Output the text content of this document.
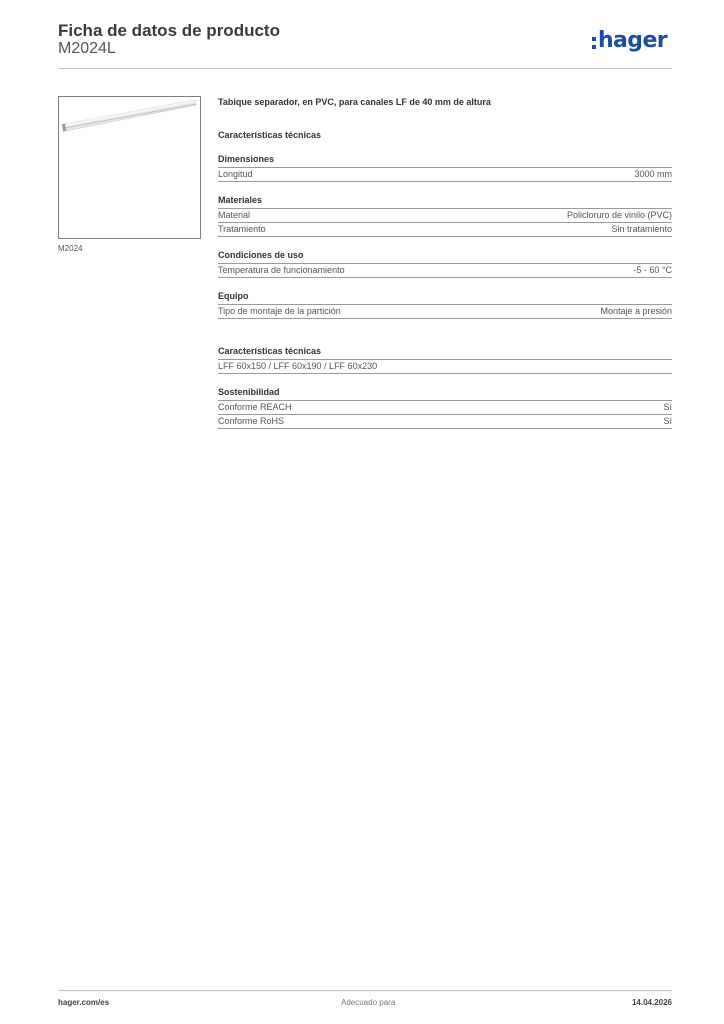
Ficha de datos de producto
M2024L	hager
M2024
Tabique separador, en PVC, para canales LF de 40 mm de altura
Características técnicas
Dimensiones
Longitud	3000 mm
Materiales
Material	Policloruro de vinilo (PVC)
Tratamiento	Sin tratamiento
Condiciones de uso
Temperatura de funcionamiento	-5 - 60 °C
Equipo
Tipo de montaje de la partición	Montaje a presión
Características técnicas
LFF 60x150 / LFF 60x190 / LFF 60x230
Sostenibilidad
Conforme REACH	Sí
Conforme RoHS	Sí
hager.com/es	Adecuado para	14.04.2026
